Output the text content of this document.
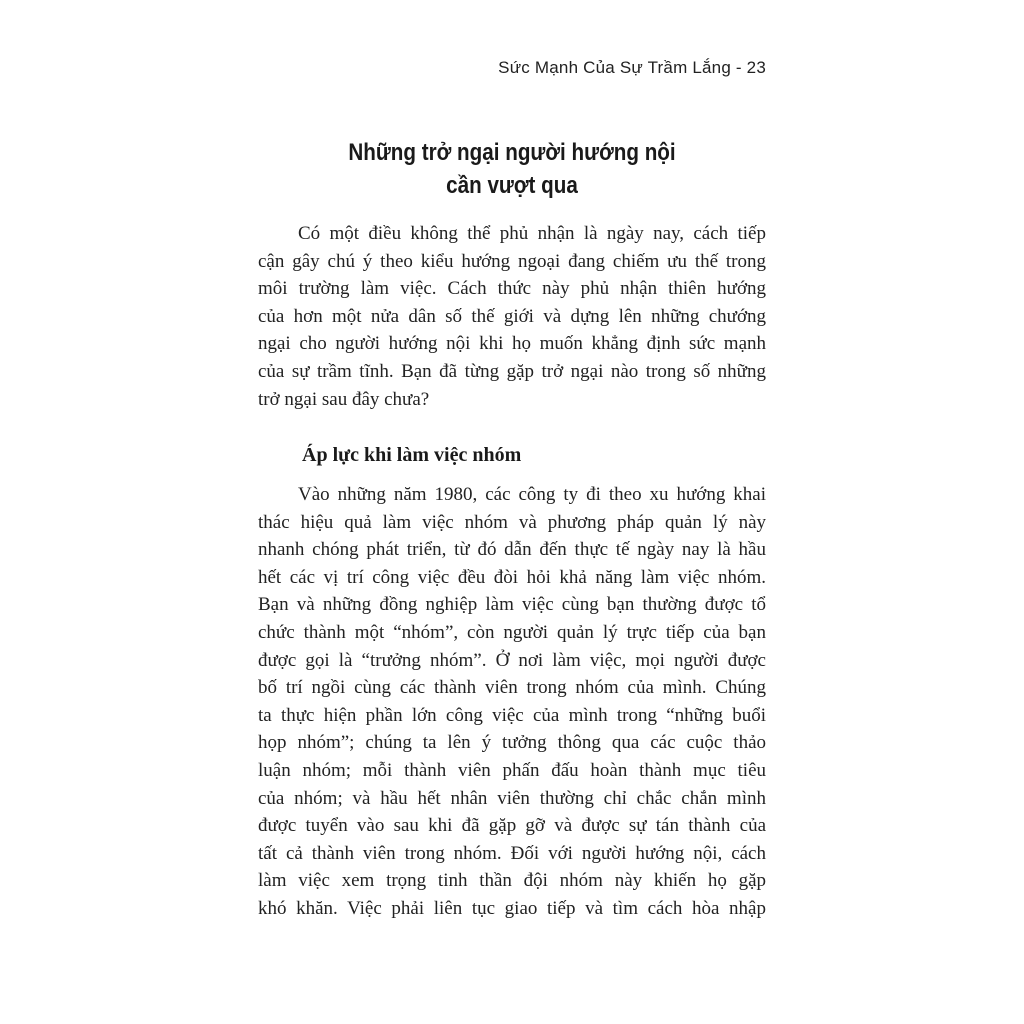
Sức Mạnh Của Sự Trầm Lắng - 23
Những trở ngại người hướng nội
cần vượt qua
Có một điều không thể phủ nhận là ngày nay, cách tiếp
cận gây chú ý theo kiểu hướng ngoại đang chiếm ưu thế trong
môi trường làm việc. Cách thức này phủ nhận thiên hướng
của hơn một nửa dân số thế giới và dựng lên những chướng
ngại cho người hướng nội khi họ muốn khẳng định sức mạnh
của sự trầm tĩnh. Bạn đã từng gặp trở ngại nào trong số những
trở ngại sau đây chưa?
Áp lực khi làm việc nhóm
Vào những năm 1980, các công ty đi theo xu hướng khai
thác hiệu quả làm việc nhóm và phương pháp quản lý này
nhanh chóng phát triển, từ đó dẫn đến thực tế ngày nay là hầu
hết các vị trí công việc đều đòi hỏi khả năng làm việc nhóm.
Bạn và những đồng nghiệp làm việc cùng bạn thường được tổ
chức thành một “nhóm”, còn người quản lý trực tiếp của bạn
được gọi là “trưởng nhóm”. Ở nơi làm việc, mọi người được
bố trí ngồi cùng các thành viên trong nhóm của mình. Chúng
ta thực hiện phần lớn công việc của mình trong “những buổi
họp nhóm”; chúng ta lên ý tưởng thông qua các cuộc thảo
luận nhóm; mỗi thành viên phấn đấu hoàn thành mục tiêu
của nhóm; và hầu hết nhân viên thường chỉ chắc chắn mình
được tuyển vào sau khi đã gặp gỡ và được sự tán thành của
tất cả thành viên trong nhóm. Đối với người hướng nội, cách
làm việc xem trọng tinh thần đội nhóm này khiến họ gặp
khó khăn. Việc phải liên tục giao tiếp và tìm cách hòa nhập
